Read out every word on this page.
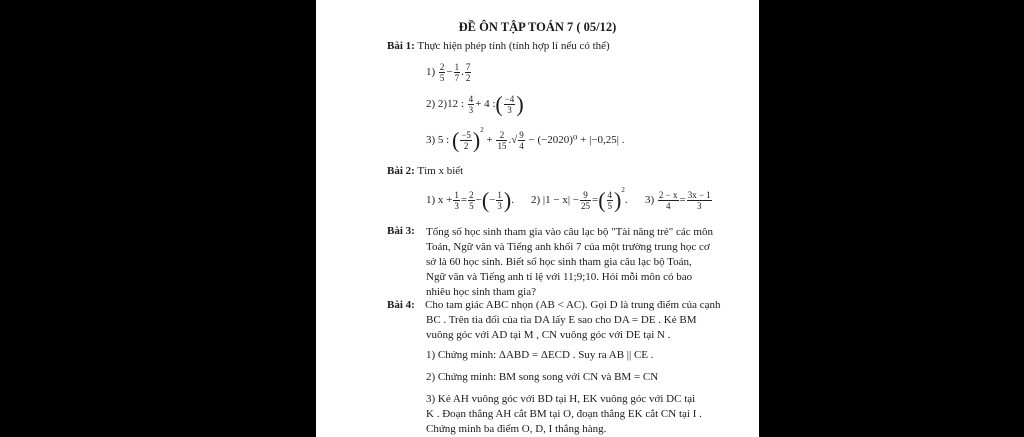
ĐỀ ÔN TẬP TOÁN 7 ( 05/12)
Bài 1: Thực hiện phép tính (tính hợp lí nếu có thể)
$1) \frac{2}{5} - \frac{1}{7}$ . $\frac{7}{2}$
2) 2)12 : $\frac{4}{3} + 4$ :( $\frac{-4}{3}$ )
3) 5 : ( $\frac{-5}{2} )^2 + \frac{2}{15}$ .√ $\frac{9}{4} - (-2020)^0 + |-0,25|$ .
Bài 2: Tìm x biết
1) $x + \frac{1}{3} = \frac{2}{5}$ −(− $\frac{1}{3}$ ). 2) $|1 - x| - \frac{9}{25}$ =( $\frac{4}{5} )^2$. $3) \frac{2 - x}{4} = \frac{3x - 1}{3}$
Bài 3: Tổng số học sinh tham gia vào câu lạc bộ "Tài năng trẻ" các môn
Toán, Ngữ văn và Tiếng anh khối 7 của một trường trung học cơ
sở là 60 học sinh. Biết số học sinh tham gia câu lạc bộ Toán,
Ngữ văn và Tiếng anh tỉ lệ với 11;9;10. Hỏi mỗi môn có bao
nhiêu học sinh tham gia?
Bài 4: Cho tam giác ABC nhọn (AB < AC). Gọi D là trung điểm của cạnh
BC . Trên tia đối của tia DA lấy E sao cho DA = DE . Kẻ BM
vuông góc với AD tại M , CN vuông góc với DE tại N .
1) Chứng minh: ΔABD = ΔECD . Suy ra AB || CE .
2) Chứng minh: BM song song với CN và BM = CN
3) Kẻ AH vuông góc với BD tại H, EK vuông góc với DC tại
K . Đoạn thẳng AH cắt BM tại O, đoạn thẳng EK cắt CN tại I .
Chứng minh ba điểm O, D, I thẳng hàng.
